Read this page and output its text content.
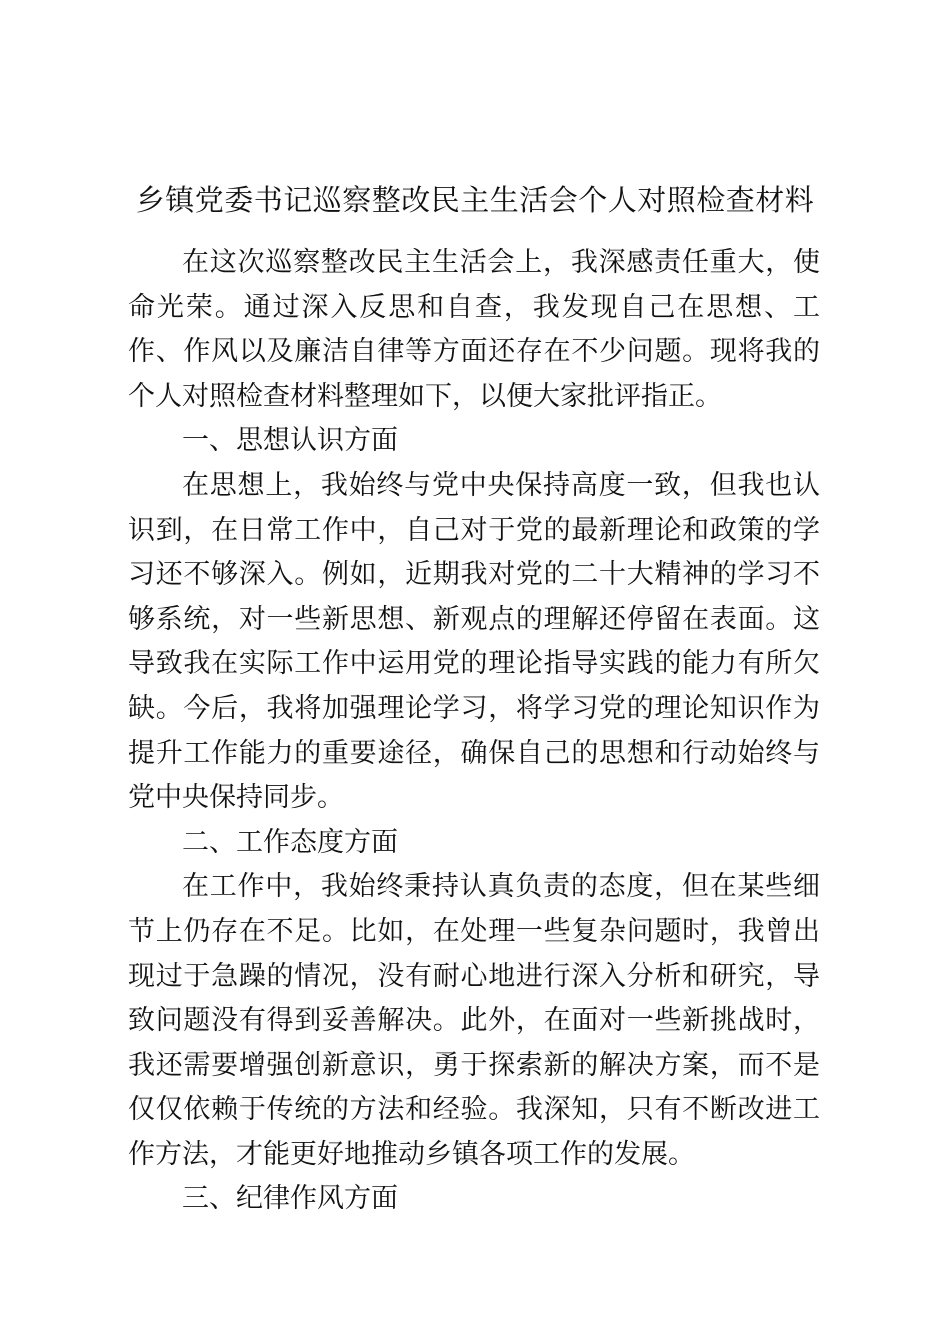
乡镇党委书记巡察整改民主生活会个人对照检查材料

在这次巡察整改民主生活会上，我深感责任重大，使命光荣。通过深入反思和自查，我发现自己在思想、工作、作风以及廉洁自律等方面还存在不少问题。现将我的个人对照检查材料整理如下，以便大家批评指正。

一、思想认识方面

在思想上，我始终与党中央保持高度一致，但我也认识到，在日常工作中，自己对于党的最新理论和政策的学习还不够深入。例如，近期我对党的二十大精神的学习不够系统，对一些新思想、新观点的理解还停留在表面。这导致我在实际工作中运用党的理论指导实践的能力有所欠缺。今后，我将加强理论学习，将学习党的理论知识作为提升工作能力的重要途径，确保自己的思想和行动始终与党中央保持同步。

二、工作态度方面

在工作中，我始终秉持认真负责的态度，但在某些细节上仍存在不足。比如，在处理一些复杂问题时，我曾出现过于急躁的情况，没有耐心地进行深入分析和研究，导致问题没有得到妥善解决。此外，在面对一些新挑战时，我还需要增强创新意识，勇于探索新的解决方案，而不是仅仅依赖于传统的方法和经验。我深知，只有不断改进工作方法，才能更好地推动乡镇各项工作的发展。

三、纪律作风方面
